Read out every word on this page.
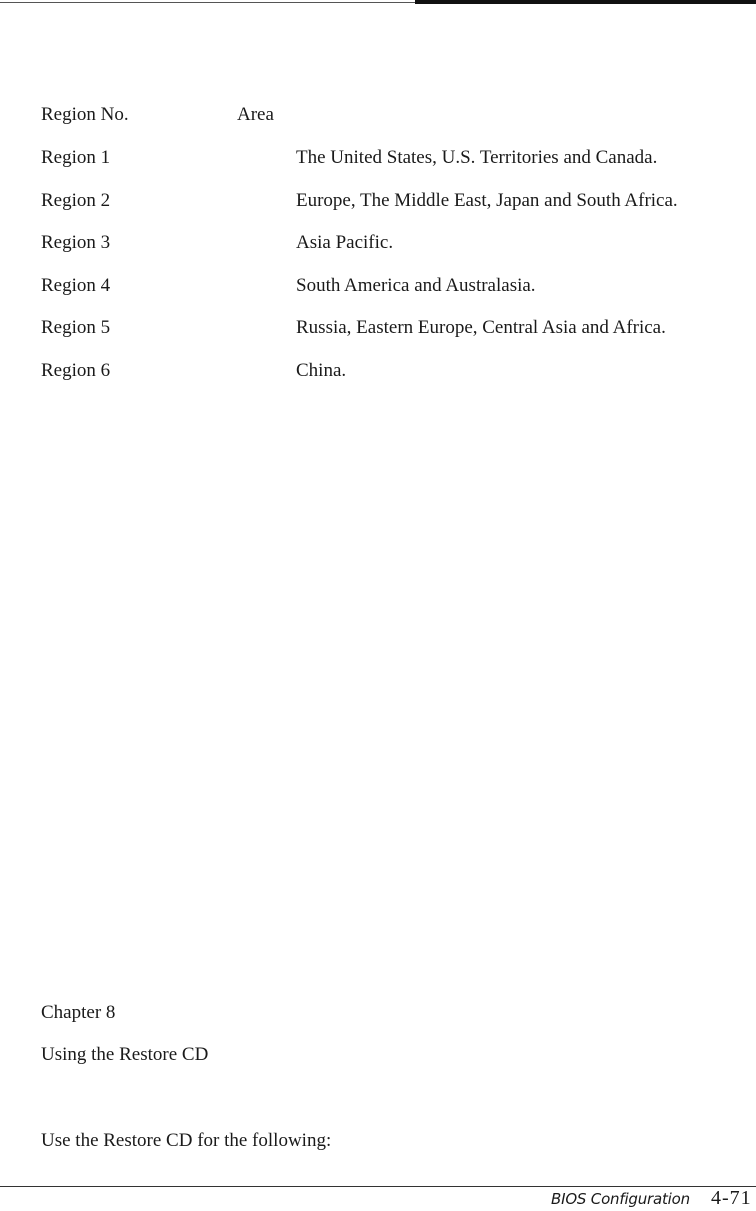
Region No.	Area
Region 1	The United States, U.S. Territories and Canada.
Region 2	Europe, The Middle East, Japan and South Africa.
Region 3	Asia Pacific.
Region 4	South America and Australasia.
Region 5	Russia, Eastern Europe, Central Asia and Africa.
Region 6	China.
Chapter 8
Using the Restore CD
Use the Restore CD for the following:
BIOS Configuration 4-71
